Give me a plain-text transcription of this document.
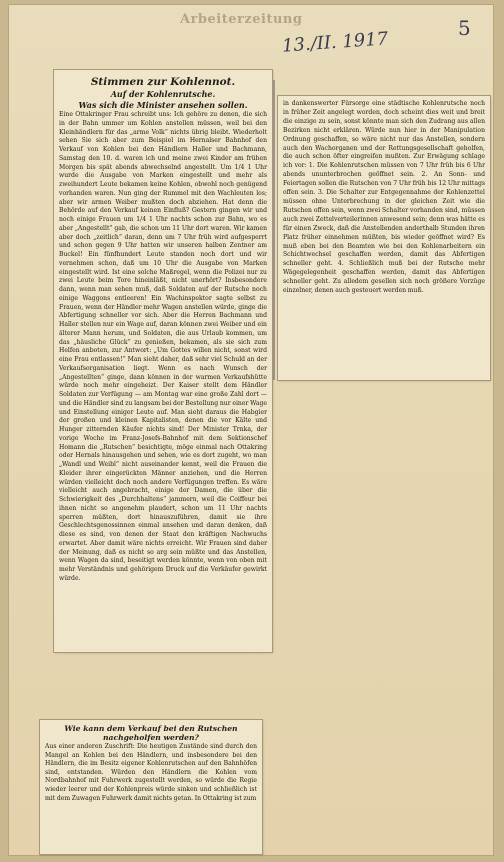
Arbeiterzeitung
13./II. 1917
5
Stimmen zur Kohlennot.
Auf der Kohlenrutsche.
Was sich die Minister ansehen sollen.

Eine Ottakringer Frau schreibt uns: Ich gehöre zu denen, die sich in der Bahn ummer um Kohlen anstellen müssen, weil bei den Kleinhändlern für das „arme Volk“ nichts übrig bleibt. Wiederholt sehen Sie sich aber zum Beispiel im Hernalser Bahnhof den Verkauf von Kohlen bei den Händlern Haller und Bachmann, Samstag den 10. d. waren ich und meine zwei Kinder am frühen Morgen bis spät abends abwechselnd angestellt. Um 1/4 1 Uhr wurde die Ausgabe von Marken eingestellt und mehr als zweihundert Leute bekamen keine Kohlen, obwohl noch genügend vorhanden waren. Nun ging der Rummel mit den Wachleuten los; aber wir armen Weiber mußten doch abziehen. Hat denn die Behörde auf den Verkauf keinen Einfluß? Gestern gingen wir und noch einige Frauen um 1/4 1 Uhr nachts schon zur Bahn, wo es aber „Angestellt“ gab, die schon um 11 Uhr dort waren. Wir kamen aber doch „zeitlich“ daran, denn um 7 Uhr früh wird aufgesperrt und schon gegen 9 Uhr hatten wir unseren halben Zentner am Buckel! Ein fünfhundert Leute standen noch dort und wir vernehmen schon, daß um 10 Uhr die Ausgabe von Marken eingestellt wird. Ist eine solche Maßregel, wenn die Polizei nur zu zwei Leute beim Tore hineinläßt, nicht unerhört? Insbesondere dann, wenn man sehen muß, daß Soldaten auf der Rutsche noch einige Waggons entleeren! Ein Wachinspektor sagte selbst zu Frauen, wenn der Händler mehr Wagen anstellen würde, ginge die Abfertigung schneller vor sich. Aber die Herren Bachmann und Haller stellen nur ein Wage auf, daran können zwei Weiber und ein älterer Mann herum, und Soldaten, die aus Urlaub kommen, um das „häusliche Glück“ zu genießen, bekamen, als sie sich zum Helfen anboten, zur Antwort: „Um Gottes willen nicht, sonst wird eine Frau entlassen!“ Man sieht daher, daß sehr viel Schuld an der Verkaufsorganisation liegt. Wenn es nach Wunsch der „Angestellten“ ginge, dann können in der warmen Verkaufshütte würde noch mehr eingeheizt. Der Kaiser stellt dem Händler Soldaten zur Verfügung — am Montag war eine große Zahl dort — und die Händler sind zu langsam bei der Bestellung nur einer Wage und Einstellung einiger Leute auf. Man sieht daraus die Habgier der großen und kleinen Kapitalisten, denen die vor Kälte und Hunger zitternden Käufer nichts sind! Der Minister Trnka, der vorige Woche im Franz-Josefs-Bahnhof mit dem Sektionschef Homann die „Rutschen“ besichtigte, möge einmal nach Ottakring oder Hernals hinausgehen und sehen, wie es dort zugeht, wo man „Wandl und Weibl“ nicht auseinander kennt, weil die Frauen die Kleider ihrer eingerückten Männer anziehen, und die Herren würden vielleicht doch noch andere Verfügungen treffen. Es wäre vielleicht auch angebracht, einige der Damen, die über die Schwierigkeit des „Durchhaltens“ jammern, weil die Coiffeur bei ihnen nicht so angenehm plaudert, schon um 11 Uhr nachts sperren müßten, dort hinauszuführen, damit sie ihre Geschlechtsgenossinnen einmal ansehen und daran denken, daß diese es sind, von denen der Staat den kräftigen Nachwuchs erwartet. Aber damit wäre nichts erreicht. Wir Frauen sind daher der Meinung, daß es nicht so arg sein müßte und das Anstellen, wenn Wagen da sind, beseitigt werden könnte, wenn von oben mit mehr Verständnis und gehörigem Druck auf die Verkäufer gewirkt würde.

in dankenswerter Fürsorge eine städtische Kohlenrutsche noch in früher Zeit angelegt worden, doch scheint dies weit und breit die einzige zu sein, sonst könnte man sich den Zudrang aus allen Bezirken nicht erklären. Würde nun hier in der Manipulation Ordnung geschaffen, so wäre nicht nur das Anstellen, sondern auch den Wachorganen und der Rettungsgesellschaft geholfen, die auch schon öfter eingreifen mußten. Zur Erwägung schlage ich vor: 1. Die Kohlenrutschen müssen von 7 Uhr früh bis 6 Uhr abends ununterbrochen geöffnet sein. 2. An Sonn- und Feiertagen sollen die Rutschen von 7 Uhr früh bis 12 Uhr mittags offen sein. 3. Die Schalter zur Entgegennahme der Kohlenzettel müssen ohne Unterbrechung in der gleichen Zeit wie die Rutschen offen sein, wenn zwei Schalter vorhanden sind, müssen auch zwei Zettelverteilerinnen anwesend sein; denn was hätte es für einen Zweck, daß die Anstellenden anderthalb Stunden ihren Platz früher einnehmen müßten, bis wieder geöffnet wird? Es muß eben bei den Beamten wie bei den Kohlenarbeitern ein Schichtwechsel geschaffen werden, damit das Abfertigen schneller geht. 4. Schließlich muß bei der Rutsche mehr Wägegelegenheit geschaffen werden, damit das Abfertigen schneller geht. Zu alledem gesellen sich noch größere Vorzüge einzelner, denen auch gesteuert werden muß.

Wie kann dem Verkauf bei den Rutschen nachgeholfen werden?

Aus einer anderen Zuschrift: Die heutigen Zustände sind durch den Mangel an Kohlen bei den Händlern, und insbesondere bei den Händlern, die im Besitz eigener Kohlenrutschen auf den Bahnhöfen sind, entstanden. Würden den Händlern die Kohlen vom Nordbahnhof mit Fuhrwerk zugestellt werden, so würde die Regie wieder leerer und der Kohlenpreis würde sinken und schließlich ist mit dem Zuwagen Fuhrwerk damit nichts getan. In Ottakring ist zum
